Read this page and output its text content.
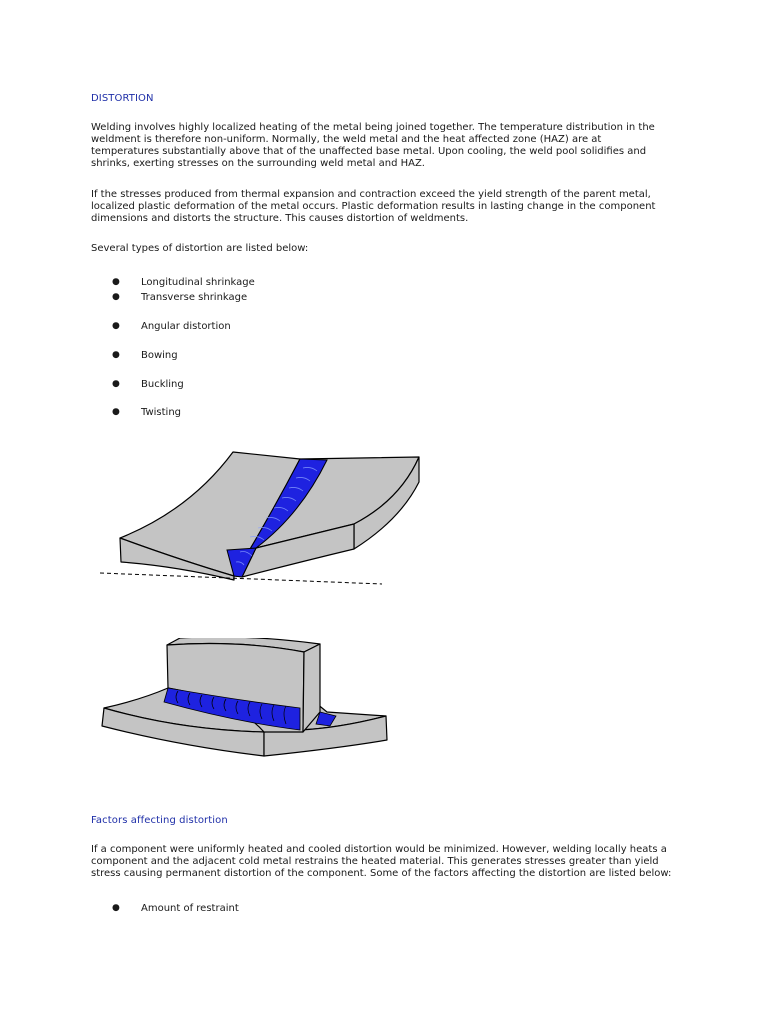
DISTORTION

Welding involves highly localized heating of the metal being joined together. The temperature distribution in the weldment is therefore non-uniform. Normally, the weld metal and the heat affected zone (HAZ) are at temperatures substantially above that of the unaffected base metal. Upon cooling, the weld pool solidifies and shrinks, exerting stresses on the surrounding weld metal and HAZ.

If the stresses produced from thermal expansion and contraction exceed the yield strength of the parent metal, localized plastic deformation of the metal occurs. Plastic deformation results in lasting change in the component dimensions and distorts the structure. This causes distortion of weldments.

Several types of distortion are listed below:

● Longitudinal shrinkage
● Transverse shrinkage
● Angular distortion
● Bowing
● Buckling
● Twisting
Factors affecting distortion

If a component were uniformly heated and cooled distortion would be minimized. However, welding locally heats a component and the adjacent cold metal restrains the heated material. This generates stresses greater than yield stress causing permanent distortion of the component. Some of the factors affecting the distortion are listed below:

● Amount of restraint
